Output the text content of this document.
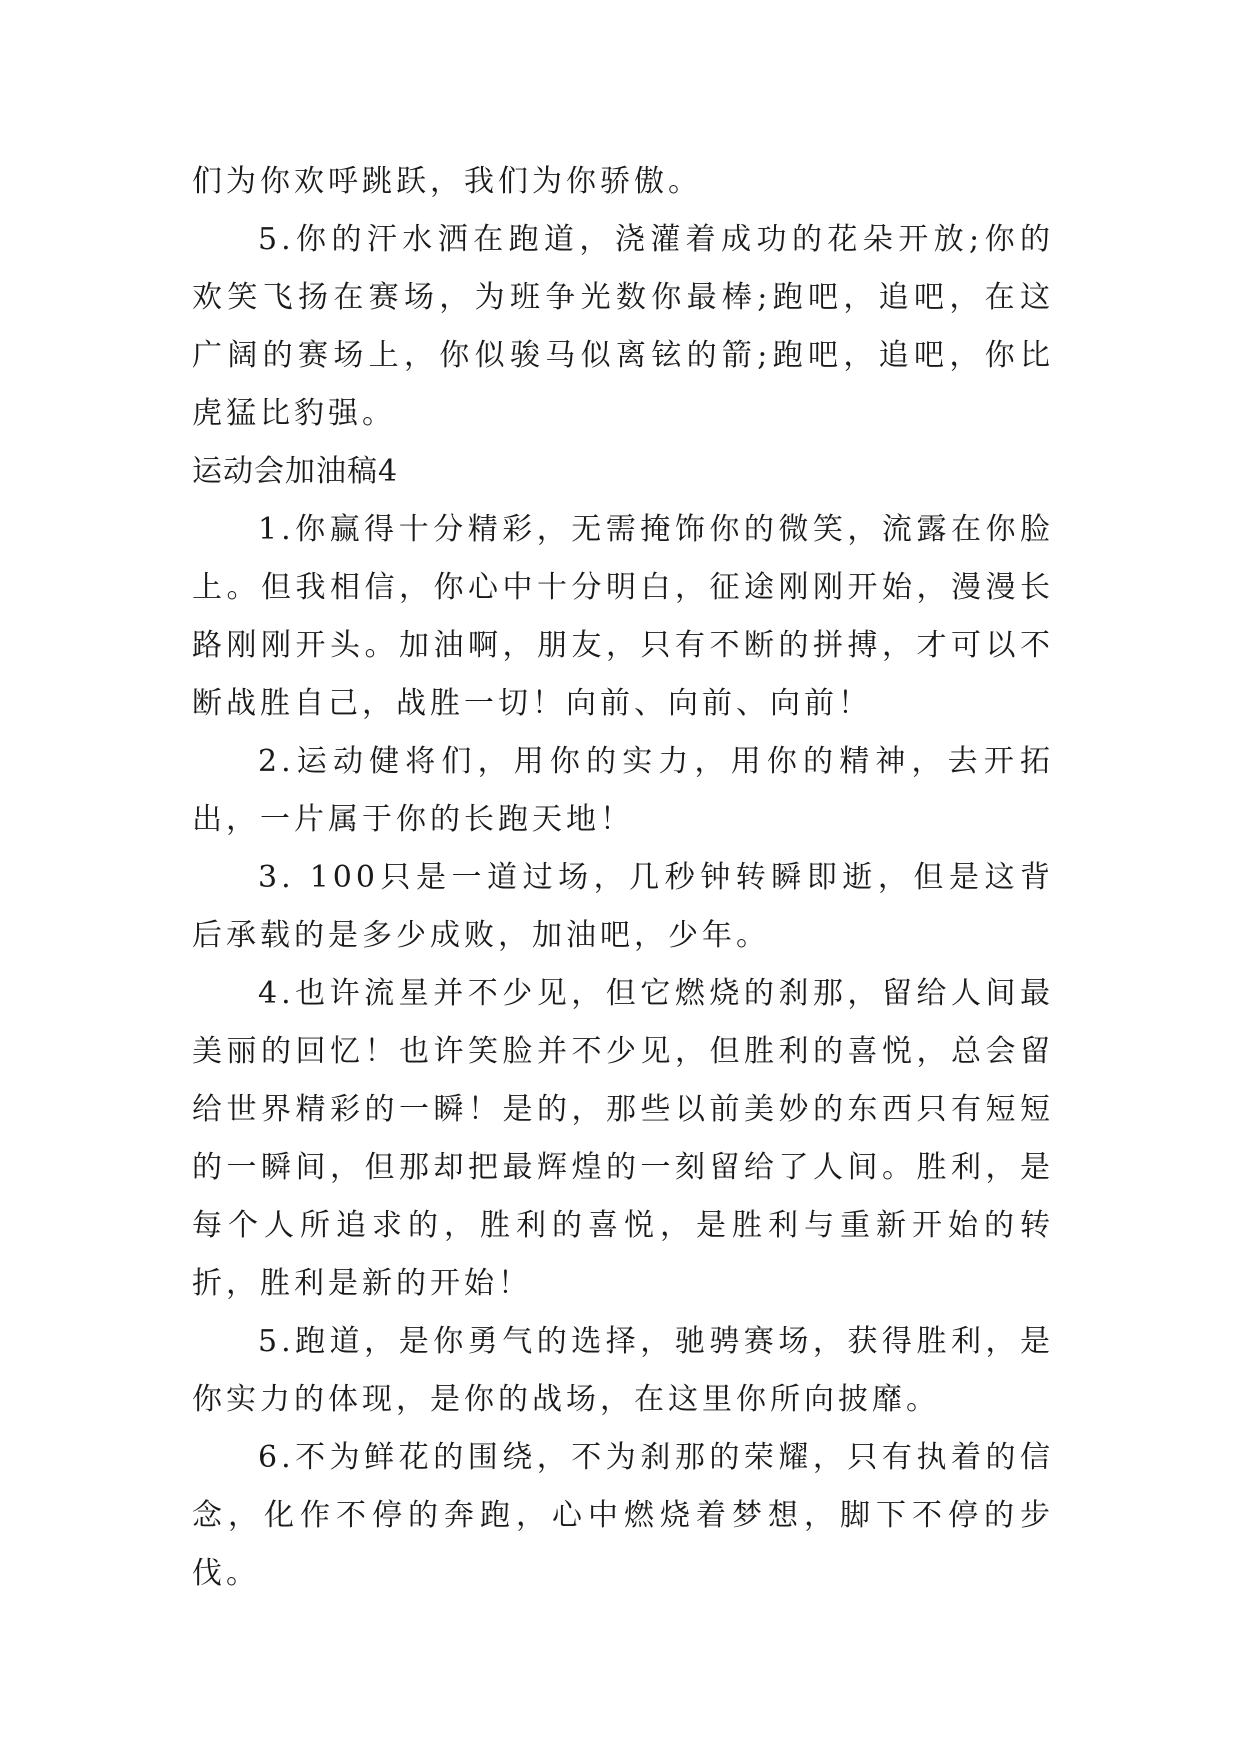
们为你欢呼跳跃，我们为你骄傲。

5.你的汗水洒在跑道，浇灌着成功的花朵开放;你的欢笑飞扬在赛场，为班争光数你最棒;跑吧，追吧，在这广阔的赛场上，你似骏马似离铉的箭;跑吧，追吧，你比虎猛比豹强。

运动会加油稿4

1.你赢得十分精彩，无需掩饰你的微笑，流露在你脸上。但我相信，你心中十分明白，征途刚刚开始，漫漫长路刚刚开头。加油啊，朋友，只有不断的拼搏，才可以不断战胜自己，战胜一切！向前、向前、向前！

2.运动健将们，用你的实力，用你的精神，去开拓出，一片属于你的长跑天地！

3. 100只是一道过场，几秒钟转瞬即逝，但是这背后承载的是多少成败，加油吧，少年。

4.也许流星并不少见，但它燃烧的刹那，留给人间最美丽的回忆！也许笑脸并不少见，但胜利的喜悦，总会留给世界精彩的一瞬！是的，那些以前美妙的东西只有短短的一瞬间，但那却把最辉煌的一刻留给了人间。胜利，是每个人所追求的，胜利的喜悦，是胜利与重新开始的转折，胜利是新的开始！

5.跑道，是你勇气的选择，驰骋赛场，获得胜利，是你实力的体现，是你的战场，在这里你所向披靡。

6.不为鲜花的围绕，不为刹那的荣耀，只有执着的信念，化作不停的奔跑，心中燃烧着梦想，脚下不停的步伐。
